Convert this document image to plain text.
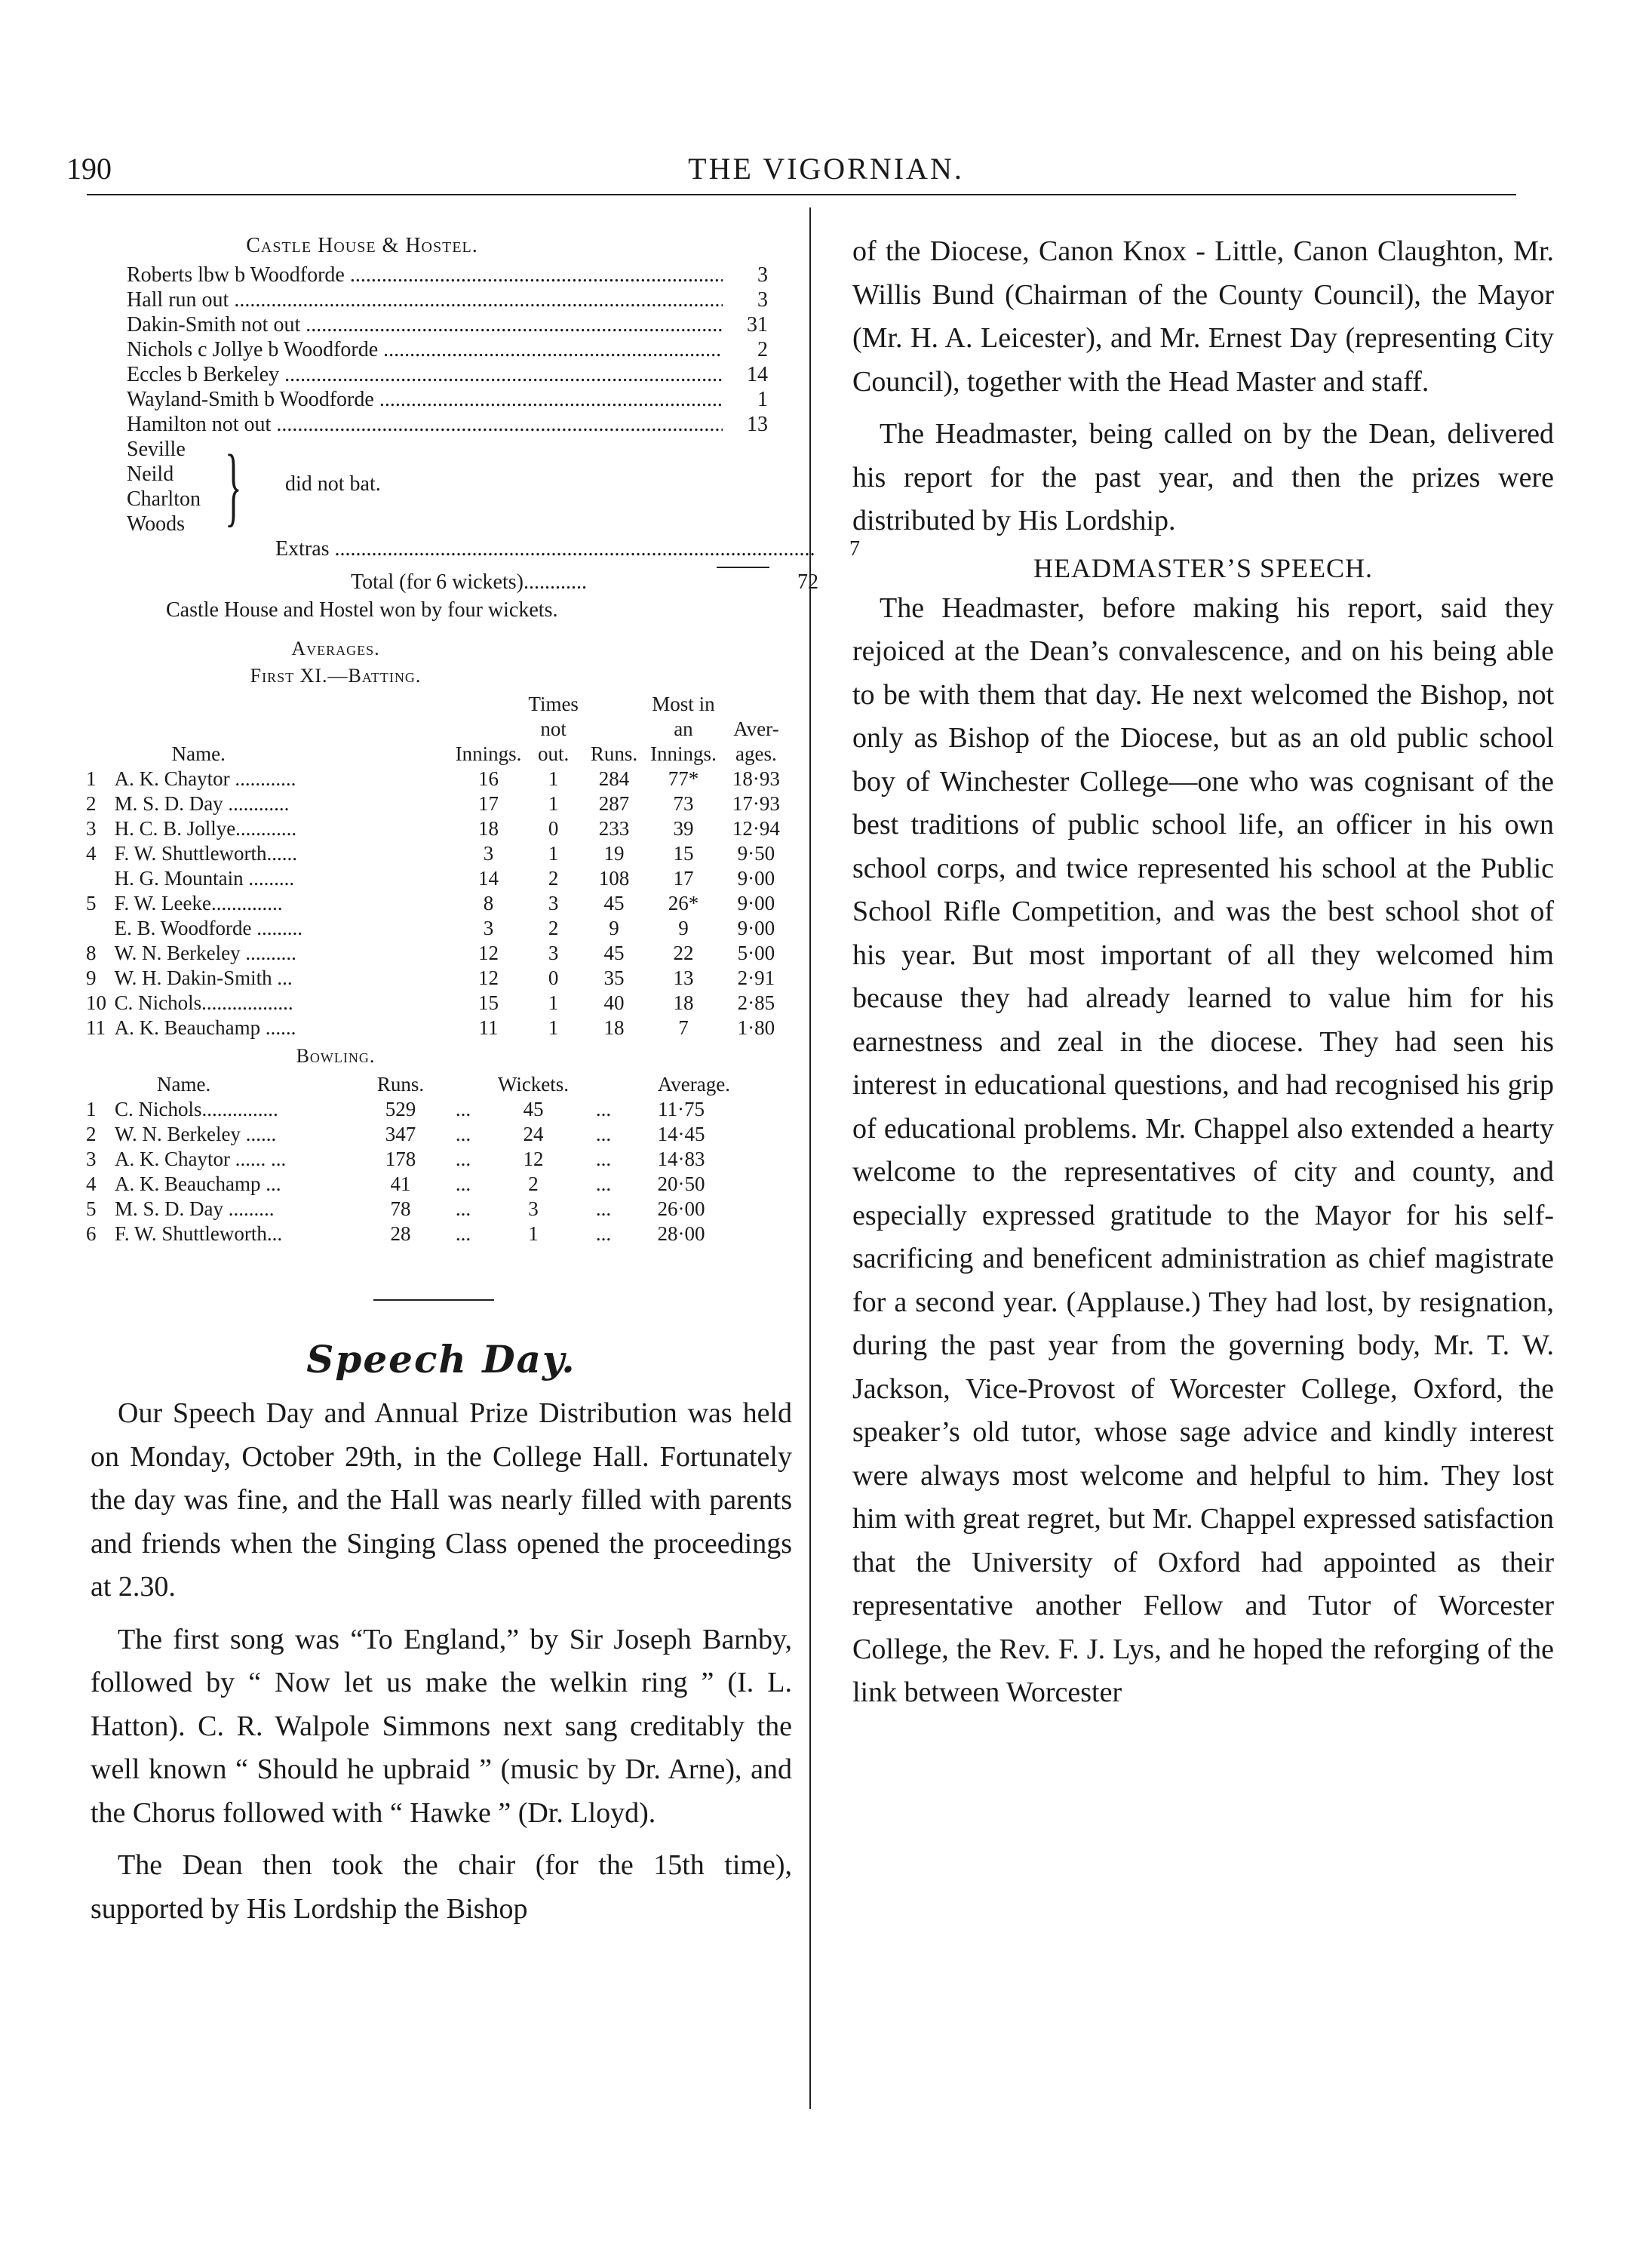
190	THE VIGORNIAN.
Castle House & Hostel.
Roberts lbw b Woodforde .....	3
Hall run out .....	3
Dakin-Smith not out .....	31
Nichols c Jollye b Woodforde .....	2
Eccles b Berkeley .....	14
Wayland-Smith b Woodforde .....	1
Hamilton not out .....	13
Seville
Neild
Charlton
Woods } did not bat.
Extras .....	7
Total (for 6 wickets)............	72
Castle House and Hostel won by four wickets.
Averages.
First XI.—Batting.
	Name.	Innings.	Times not out.	Runs.	Most in an Innings.	Aver- ages.
1	A. K. Chaytor ............	16	1	284	77*	18·93
2	M. S. D. Day ............	17	1	287	73	17·93
3	H. C. B. Jollye............	18	0	233	39	12·94
4	F. W. Shuttleworth......	3	1	19	15	9·50
	H. G. Mountain .........	14	2	108	17	9·00
5	F. W. Leeke..............	8	3	45	26*	9·00
	E. B. Woodforde .........	3	2	9	9	9·00
8	W. N. Berkeley ..........	12	3	45	22	5·00
9	W. H. Dakin-Smith ...	12	0	35	13	2·91
10	C. Nichols..................	15	1	40	18	2·85
11	A. K. Beauchamp ......	11	1	18	7	1·80
Bowling.
	Name.	Runs.		Wickets.		Average.
1	C. Nichols...............	529	...	45	...	11·75
2	W. N. Berkeley ......	347	...	24	...	14·45
3	A. K. Chaytor ...... ...	178	...	12	...	14·83
4	A. K. Beauchamp ...	41	...	2	...	20·50
5	M. S. D. Day .........	78	...	3	...	26·00
6	F. W. Shuttleworth...	28	...	1	...	28·00
Speech Day.

Our Speech Day and Annual Prize Distribution was held on Monday, October 29th, in the College Hall. Fortunately the day was fine, and the Hall was nearly filled with parents and friends when the Singing Class opened the proceedings at 2.30.

The first song was “To England,” by Sir Joseph Barnby, followed by “ Now let us make the welkin ring ” (I. L. Hatton). C. R. Walpole Simmons next sang creditably the well known “ Should he upbraid ” (music by Dr. Arne), and the Chorus followed with “ Hawke ” (Dr. Lloyd).

The Dean then took the chair (for the 15th time), supported by His Lordship the Bishop

of the Diocese, Canon Knox - Little, Canon Claughton, Mr. Willis Bund (Chairman of the County Council), the Mayor (Mr. H. A. Leicester), and Mr. Ernest Day (representing City Council), together with the Head Master and staff.

The Headmaster, being called on by the Dean, delivered his report for the past year, and then the prizes were distributed by His Lordship.

HEADMASTER’S SPEECH.

The Headmaster, before making his report, said they rejoiced at the Dean’s convalescence, and on his being able to be with them that day. He next welcomed the Bishop, not only as Bishop of the Diocese, but as an old public school boy of Winchester College—one who was cognisant of the best traditions of public school life, an officer in his own school corps, and twice represented his school at the Public School Rifle Competition, and was the best school shot of his year. But most important of all they welcomed him because they had already learned to value him for his earnestness and zeal in the diocese. They had seen his interest in educational questions, and had recognised his grip of educational problems. Mr. Chappel also extended a hearty welcome to the representatives of city and county, and especially expressed gratitude to the Mayor for his self-sacrificing and beneficent administration as chief magistrate for a second year. (Applause.) They had lost, by resignation, during the past year from the governing body, Mr. T. W. Jackson, Vice-Provost of Worcester College, Oxford, the speaker’s old tutor, whose sage advice and kindly interest were always most welcome and helpful to him. They lost him with great regret, but Mr. Chappel expressed satisfaction that the University of Oxford had appointed as their representative another Fellow and Tutor of Worcester College, the Rev. F. J. Lys, and he hoped the reforging of the link between Worcester
